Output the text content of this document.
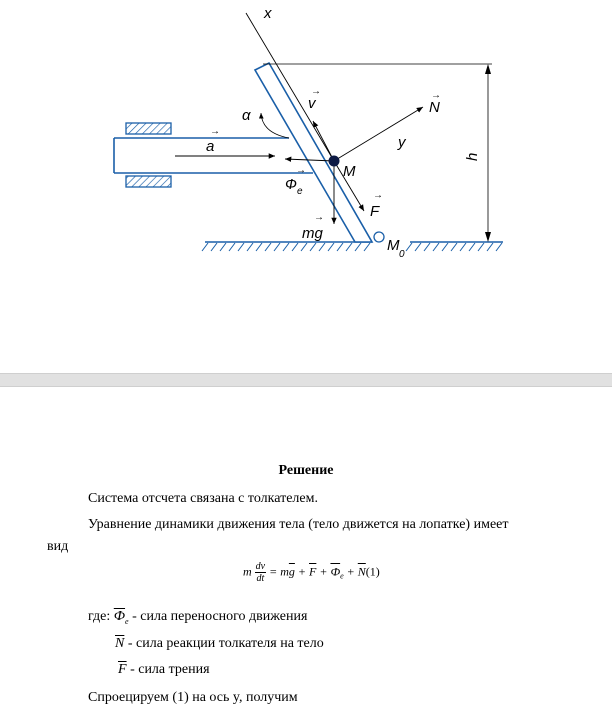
x
v
→
N
→
y
α
a
→
M
→
Ф e	→
F
→
mg
h
M
0
Решение
Система отсчета связана с толкателем.
Уравнение динамики движения тела (тело движется на лопатке) имеет
вид
m $\frac{dv}{dt} = m\overline{g} + \overline{F} + Ф_e + \overline{N}(1)$
где: $Ф_e$ - сила переносного движения
$\overline{N}$ - сила реакции толкателя на тело
$\overline{F}$ - сила трения
Спроецируем (1) на ось y, получим
